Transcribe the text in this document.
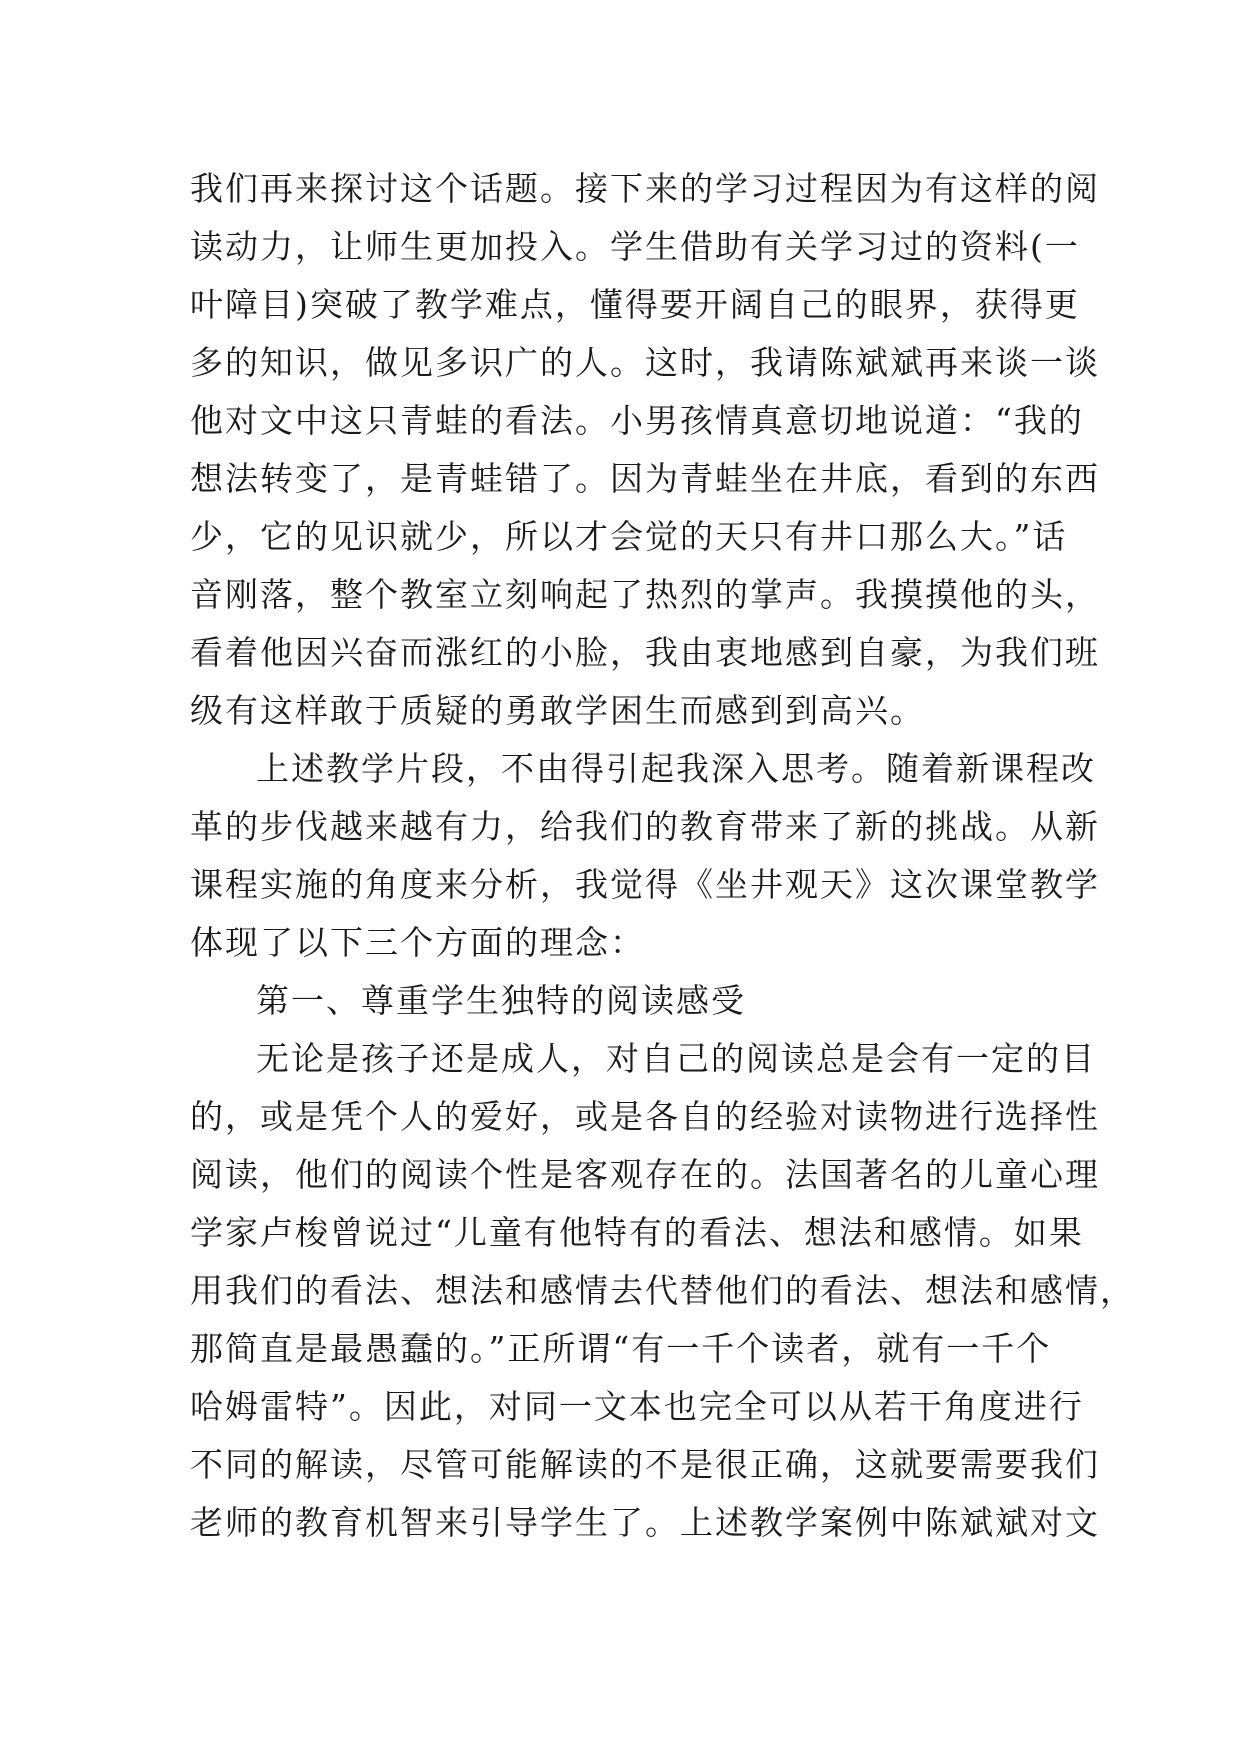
我们再来探讨这个话题。接下来的学习过程因为有这样的阅
读动力，让师生更加投入。学生借助有关学习过的资料(一
叶障目)突破了教学难点，懂得要开阔自己的眼界，获得更
多的知识，做见多识广的人。这时，我请陈斌斌再来谈一谈
他对文中这只青蛙的看法。小男孩情真意切地说道：“我的
想法转变了，是青蛙错了。因为青蛙坐在井底，看到的东西
少，它的见识就少，所以才会觉的天只有井口那么大。”话
音刚落，整个教室立刻响起了热烈的掌声。我摸摸他的头，
看着他因兴奋而涨红的小脸，我由衷地感到自豪，为我们班
级有这样敢于质疑的勇敢学困生而感到到高兴。
上述教学片段，不由得引起我深入思考。随着新课程改
革的步伐越来越有力，给我们的教育带来了新的挑战。从新
课程实施的角度来分析，我觉得《坐井观天》这次课堂教学
体现了以下三个方面的理念：
第一、尊重学生独特的阅读感受
无论是孩子还是成人，对自己的阅读总是会有一定的目
的，或是凭个人的爱好，或是各自的经验对读物进行选择性
阅读，他们的阅读个性是客观存在的。法国著名的儿童心理
学家卢梭曾说过“儿童有他特有的看法、想法和感情。如果
用我们的看法、想法和感情去代替他们的看法、想法和感情，
那简直是最愚蠢的。”正所谓“有一千个读者，就有一千个
哈姆雷特”。因此，对同一文本也完全可以从若干角度进行
不同的解读，尽管可能解读的不是很正确，这就要需要我们
老师的教育机智来引导学生了。上述教学案例中陈斌斌对文
